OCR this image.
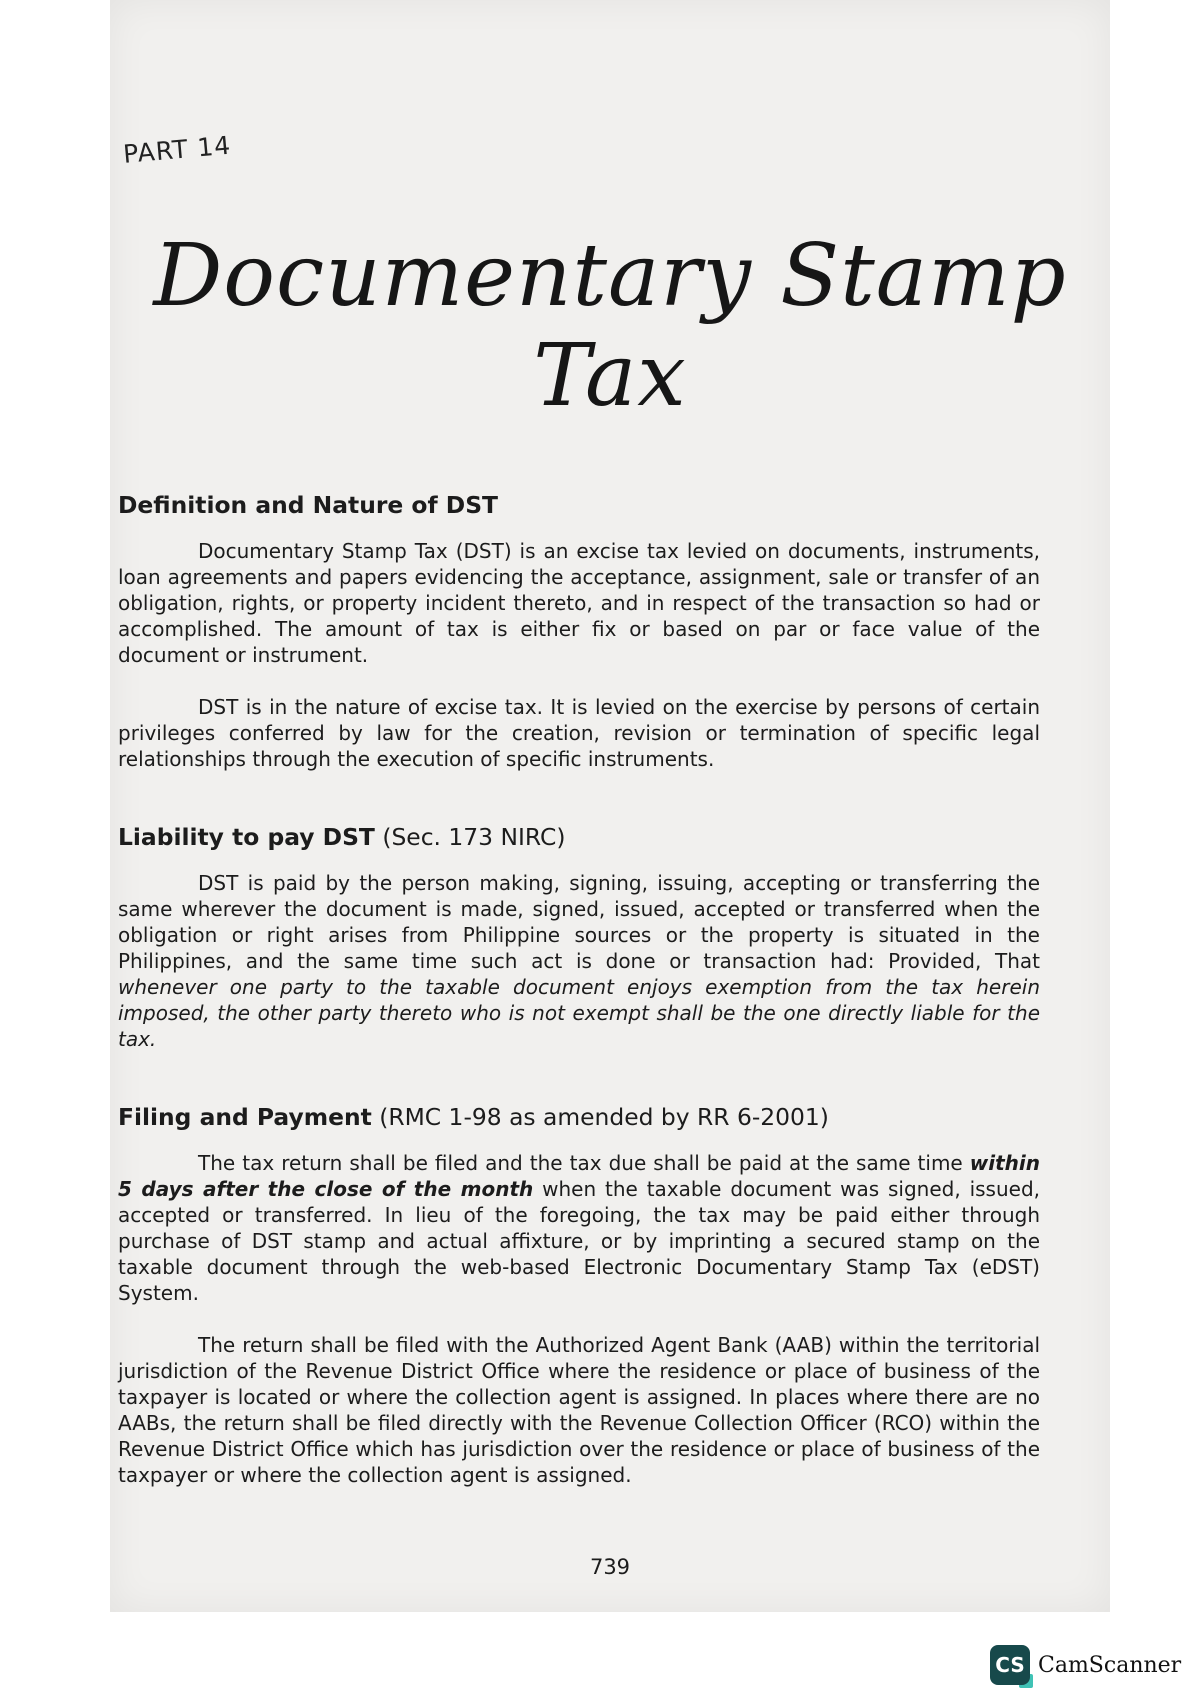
PART 14
Documentary Stamp Tax
Definition and Nature of DST

Documentary Stamp Tax (DST) is an excise tax levied on documents, instruments, loan agreements and papers evidencing the acceptance, assignment, sale or transfer of an obligation, rights, or property incident thereto, and in respect of the transaction so had or accomplished. The amount of tax is either fix or based on par or face value of the document or instrument.

DST is in the nature of excise tax. It is levied on the exercise by persons of certain privileges conferred by law for the creation, revision or termination of specific legal relationships through the execution of specific instruments.

Liability to pay DST (Sec. 173 NIRC)

DST is paid by the person making, signing, issuing, accepting or transferring the same wherever the document is made, signed, issued, accepted or transferred when the obligation or right arises from Philippine sources or the property is situated in the Philippines, and the same time such act is done or transaction had: Provided, That whenever one party to the taxable document enjoys exemption from the tax herein imposed, the other party thereto who is not exempt shall be the one directly liable for the tax.

Filing and Payment (RMC 1-98 as amended by RR 6-2001)

The tax return shall be filed and the tax due shall be paid at the same time within 5 days after the close of the month when the taxable document was signed, issued, accepted or transferred. In lieu of the foregoing, the tax may be paid either through purchase of DST stamp and actual affixture, or by imprinting a secured stamp on the taxable document through the web-based Electronic Documentary Stamp Tax (eDST) System.

The return shall be filed with the Authorized Agent Bank (AAB) within the territorial jurisdiction of the Revenue District Office where the residence or place of business of the taxpayer is located or where the collection agent is assigned. In places where there are no AABs, the return shall be filed directly with the Revenue Collection Officer (RCO) within the Revenue District Office which has jurisdiction over the residence or place of business of the taxpayer or where the collection agent is assigned.

739
CS CamScanner
